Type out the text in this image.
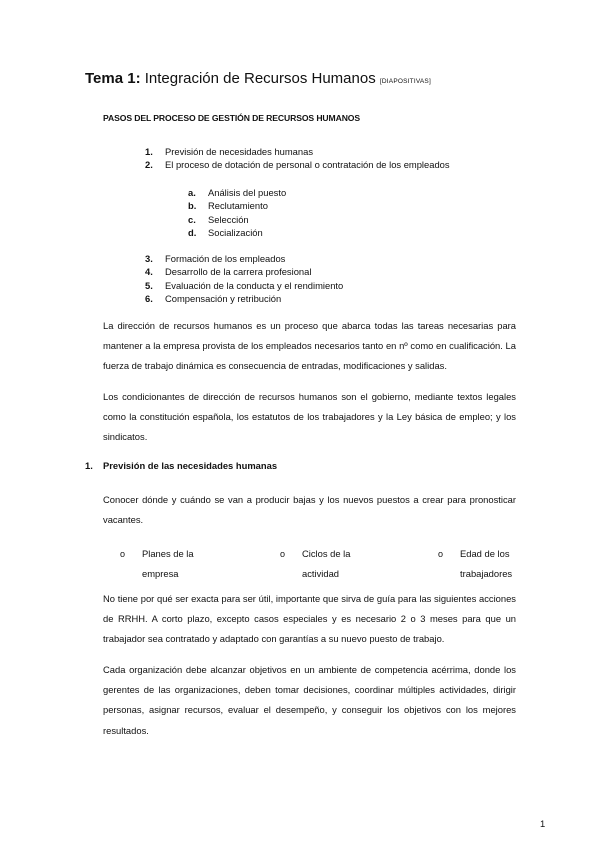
Tema 1: Integración de Recursos Humanos [DIAPOSITIVAS]
PASOS DEL PROCESO DE GESTIÓN DE RECURSOS HUMANOS
1.	Previsión de necesidades humanas
2.	El proceso de dotación de personal o contratación de los empleados
a.	Análisis del puesto
b.	Reclutamiento
c.	Selección
d.	Socialización
3.	Formación de los empleados
4.	Desarrollo de la carrera profesional
5.	Evaluación de la conducta y el rendimiento
6.	Compensación y retribución

La dirección de recursos humanos es un proceso que abarca todas las tareas necesarias para mantener a la empresa provista de los empleados necesarios tanto en nº como en cualificación. La fuerza de trabajo dinámica es consecuencia de entradas, modificaciones y salidas.

Los condicionantes de dirección de recursos humanos son el gobierno, mediante textos legales como la constitución española, los estatutos de los trabajadores y la Ley básica de empleo; y los sindicatos.

1.	Previsión de las necesidades humanas

Conocer dónde y cuándo se van a producir bajas y los nuevos puestos a crear para pronosticar vacantes.

o	Planes de la empresa
o	Ciclos de la actividad
o	Edad de los trabajadores

No tiene por qué ser exacta para ser útil, importante que sirva de guía para las siguientes acciones de RRHH. A corto plazo, excepto casos especiales y es necesario 2 o 3 meses para que un trabajador sea contratado y adaptado con garantías a su nuevo puesto de trabajo.

Cada organización debe alcanzar objetivos en un ambiente de competencia acérrima, donde los gerentes de las organizaciones, deben tomar decisiones, coordinar múltiples actividades, dirigir personas, asignar recursos, evaluar el desempeño, y conseguir los objetivos con los mejores resultados.

1
